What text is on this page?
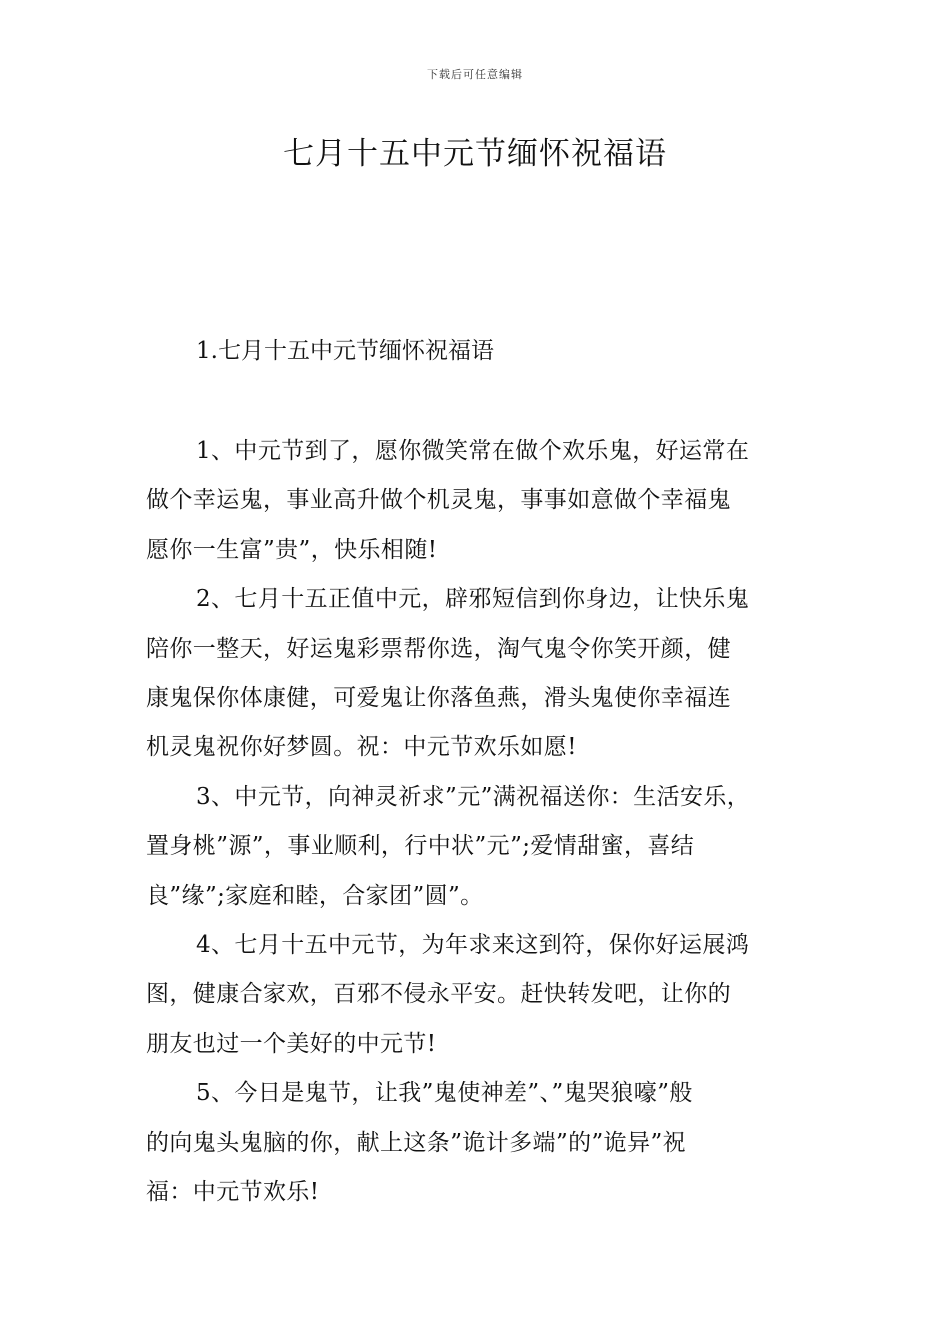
下载后可任意编辑
七月十五中元节缅怀祝福语
1.七月十五中元节缅怀祝福语

1、中元节到了，愿你微笑常在做个欢乐鬼，好运常在
做个幸运鬼，事业高升做个机灵鬼，事事如意做个幸福鬼
愿你一生富”贵”，快乐相随!

2、七月十五正值中元，辟邪短信到你身边，让快乐鬼
陪你一整天，好运鬼彩票帮你选，淘气鬼令你笑开颜，健
康鬼保你体康健，可爱鬼让你落鱼燕，滑头鬼使你幸福连
机灵鬼祝你好梦圆。祝：中元节欢乐如愿!

3、中元节，向神灵祈求”元”满祝福送你：生活安乐，
置身桃”源”，事业顺利，行中状”元”;爱情甜蜜，喜结
良”缘”;家庭和睦，合家团”圆”。

4、七月十五中元节，为年求来这到符，保你好运展鸿
图，健康合家欢，百邪不侵永平安。赶快转发吧，让你的
朋友也过一个美好的中元节!

5、今日是鬼节，让我”鬼使神差”、”鬼哭狼嚎”般
的向鬼头鬼脑的你，献上这条”诡计多端”的”诡异”祝
福：中元节欢乐!
